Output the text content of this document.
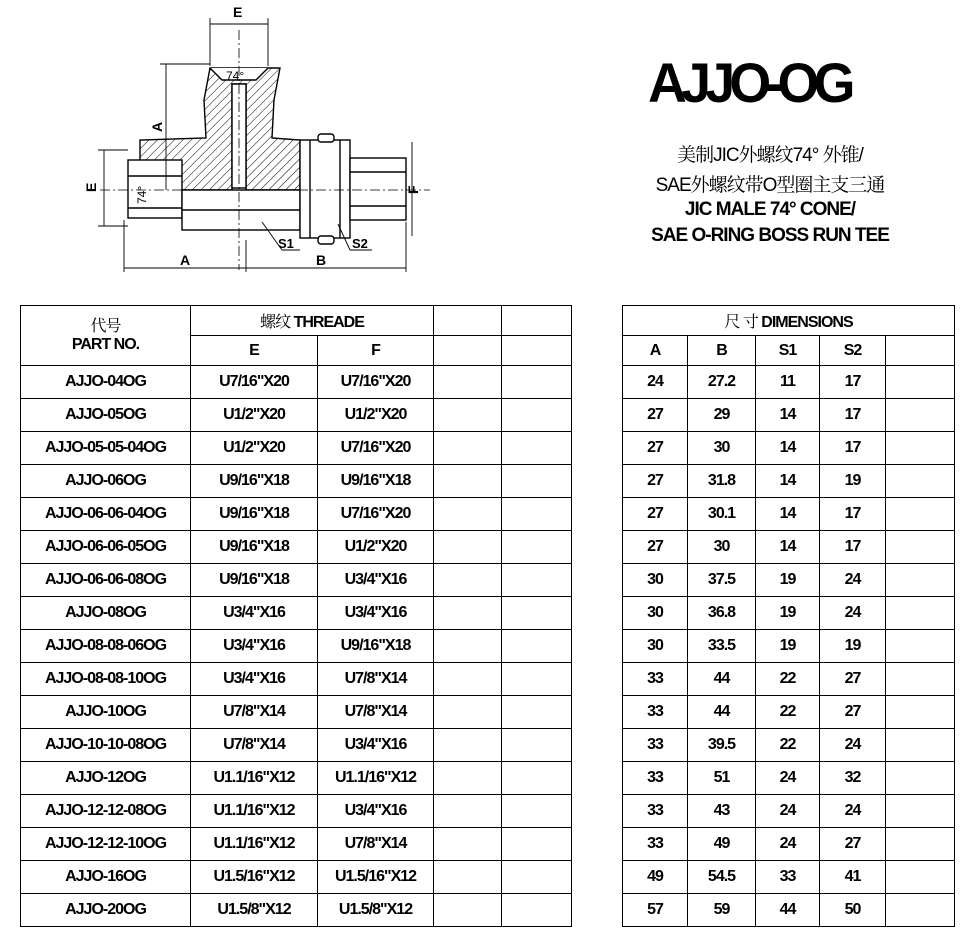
E
A
74°
E	74°	F
S1	S2
A	B
AJJO-OG
美制JIC外螺纹74° 外锥/
SAE外螺纹带O型圈主支三通
JIC MALE 74° CONE/
SAE O-RING BOSS RUN TEE
代号
PART NO.	螺纹 THREADE					尺 寸 DIMENSIONS				
	E	F				A	B	S1	S2	
AJJO-04OG	U7/16"X20	U7/16"X20				24	27.2	11	17	
AJJO-05OG	U1/2"X20	U1/2"X20				27	29	14	17	
AJJO-05-05-04OG	U1/2"X20	U7/16"X20				27	30	14	17	
AJJO-06OG	U9/16"X18	U9/16"X18				27	31.8	14	19	
AJJO-06-06-04OG	U9/16"X18	U7/16"X20				27	30.1	14	17	
AJJO-06-06-05OG	U9/16"X18	U1/2"X20				27	30	14	17	
AJJO-06-06-08OG	U9/16"X18	U3/4"X16				30	37.5	19	24	
AJJO-08OG	U3/4"X16	U3/4"X16				30	36.8	19	24	
AJJO-08-08-06OG	U3/4"X16	U9/16"X18				30	33.5	19	19	
AJJO-08-08-10OG	U3/4"X16	U7/8"X14				33	44	22	27	
AJJO-10OG	U7/8"X14	U7/8"X14				33	44	22	27	
AJJO-10-10-08OG	U7/8"X14	U3/4"X16				33	39.5	22	24	
AJJO-12OG	U1.1/16"X12	U1.1/16"X12				33	51	24	32	
AJJO-12-12-08OG	U1.1/16"X12	U3/4"X16				33	43	24	24	
AJJO-12-12-10OG	U1.1/16"X12	U7/8"X14				33	49	24	27	
AJJO-16OG	U1.5/16"X12	U1.5/16"X12				49	54.5	33	41	
AJJO-20OG	U1.5/8"X12	U1.5/8"X12				57	59	44	50	
